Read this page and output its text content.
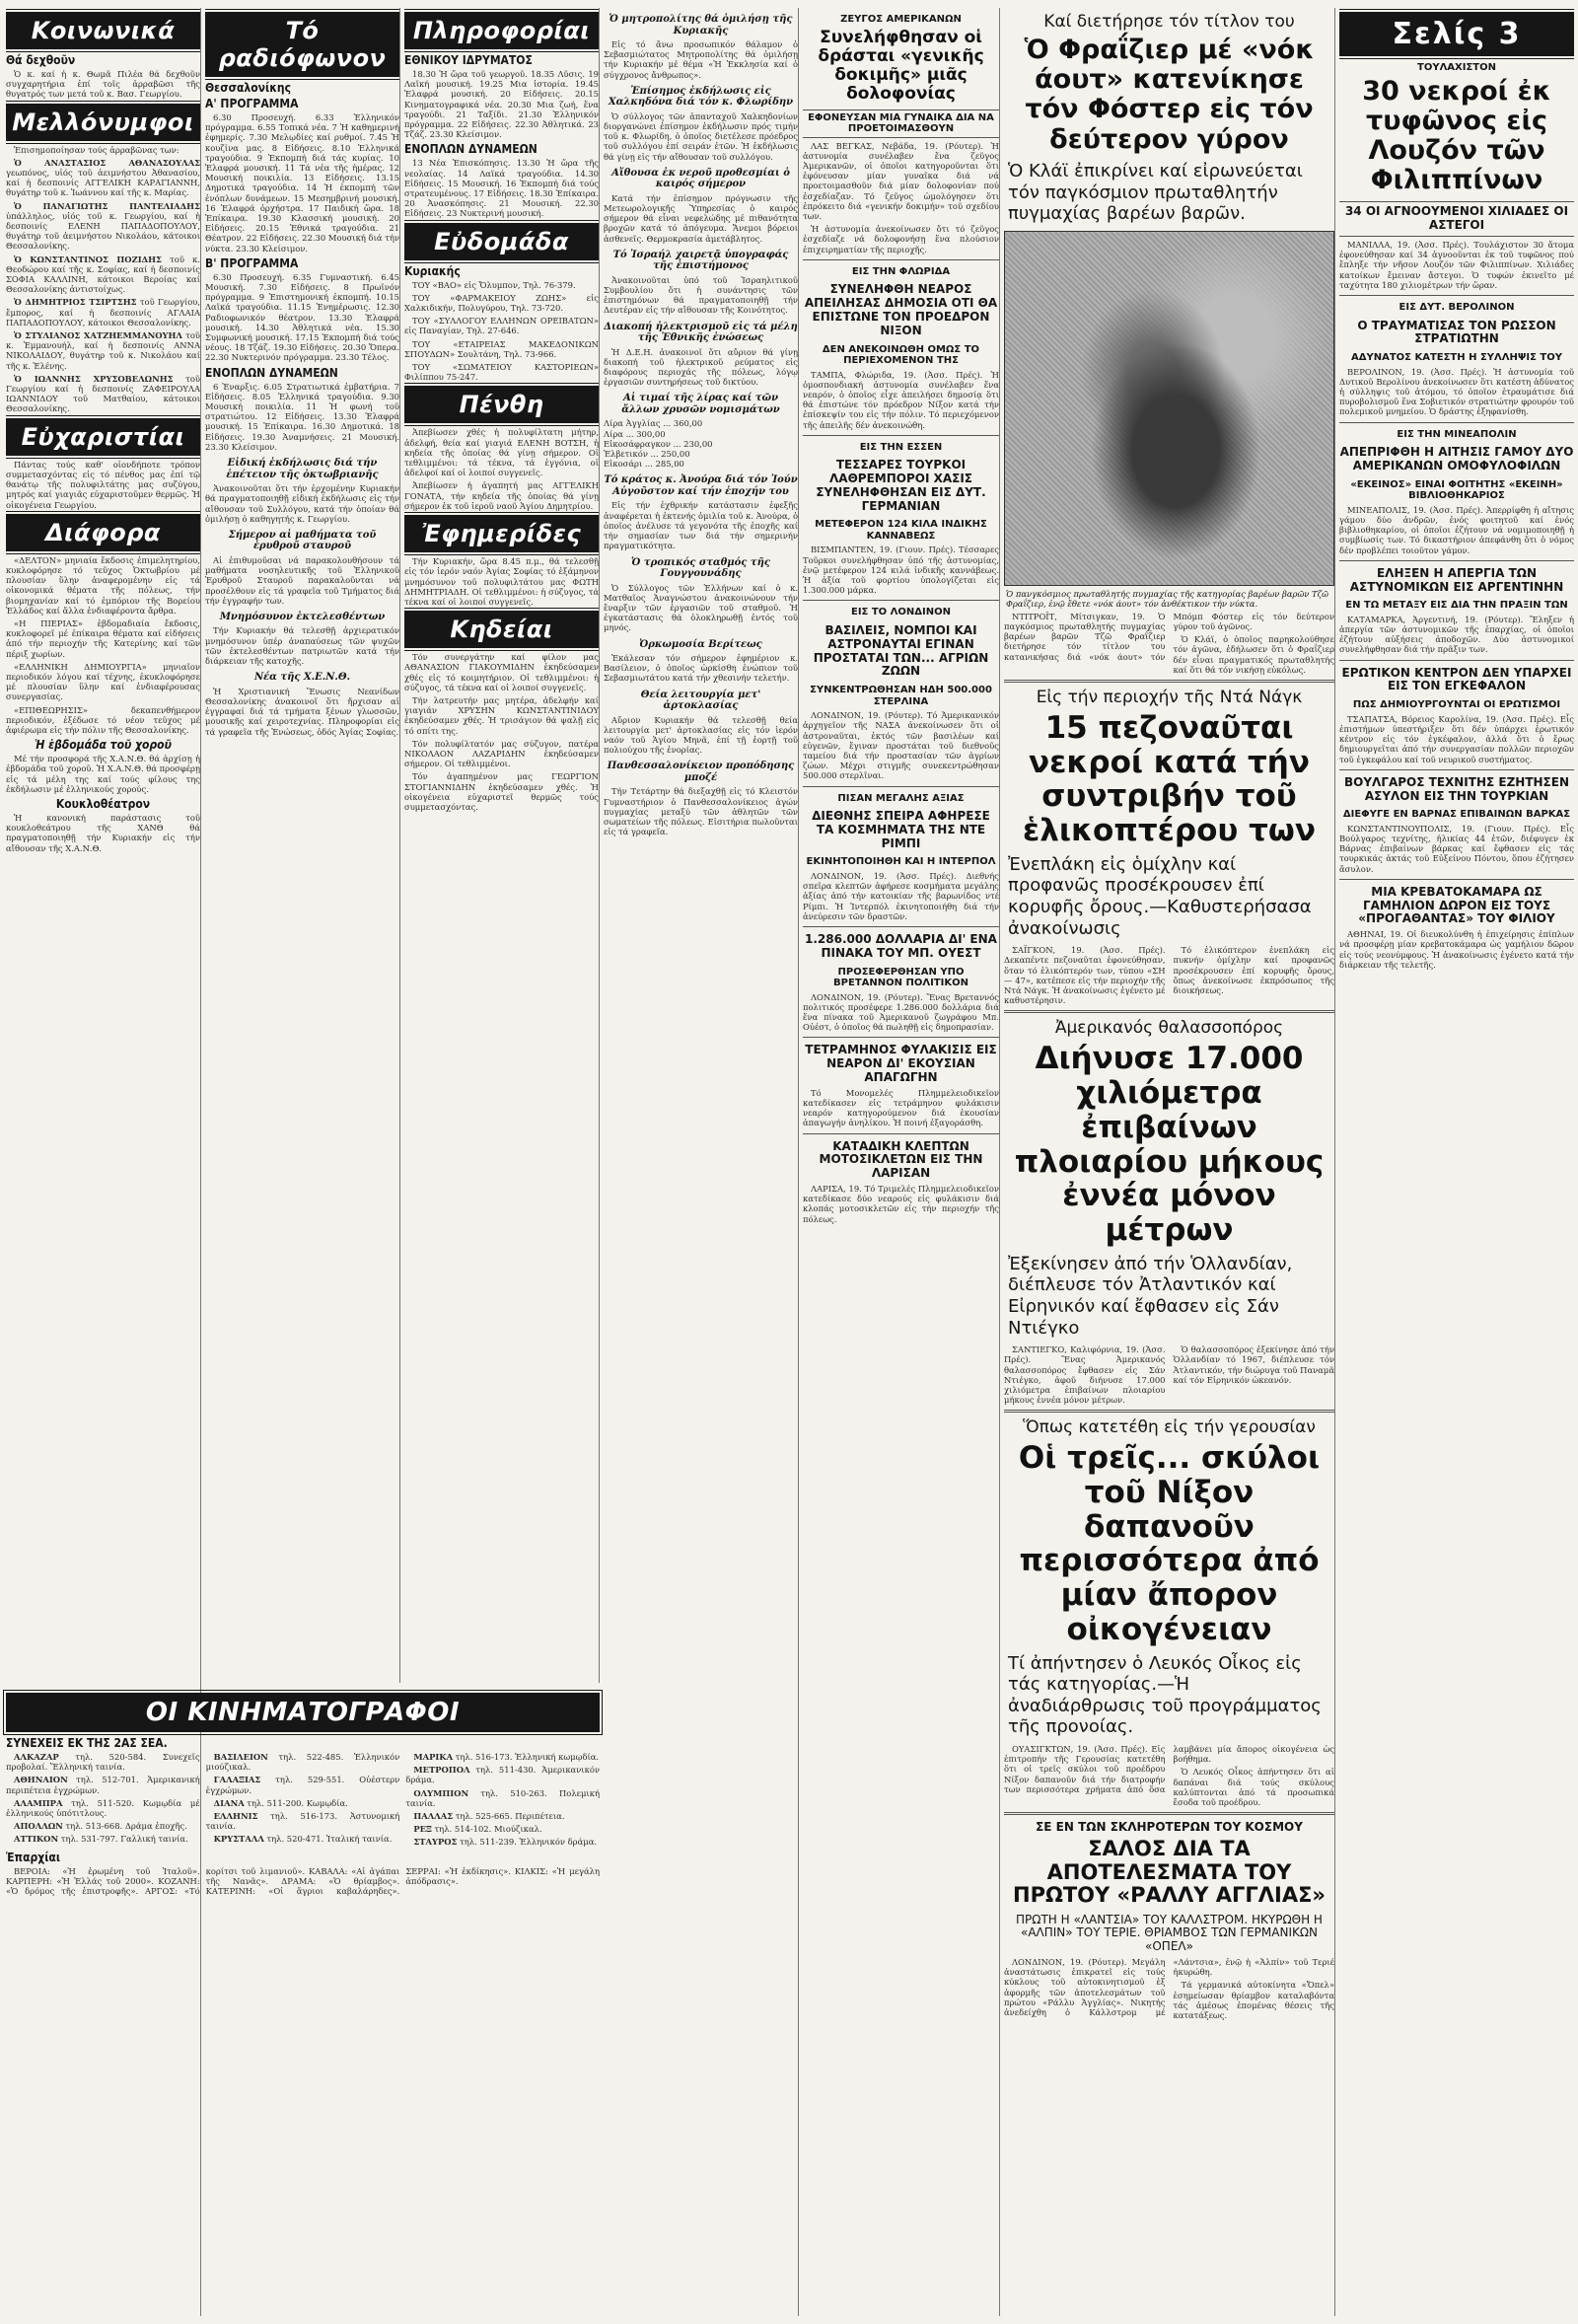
Κοινωνικά
Θά δεχθοῦν

Ὁ κ. καί ἡ κ. Θωμᾶ Πιλέα θά δεχθοῦν συγχαρητήρια ἐπί τοῖς ἀρραβῶσι τῆς θυγατρός των μετά τοῦ κ. Βασ. Γεωργίου.

Μελλόνυμφοι

Ἐπισημοποίησαν τούς ἀρραβῶνας των:

Ὁ ΑΝΑΣΤΑΣΙΟΣ ΑΘΑΝΑΣΟΥΛΑΣ γεωπόνος, υἱός τοῦ ἀειμνήστου Ἀθανασίου, καί ἡ δεσποινίς ΑΓΓΕΛΙΚΗ ΚΑΡΑΓΙΑΝΝΗ, θυγάτηρ τοῦ κ. Ἰωάννου καί τῆς κ. Μαρίας.

Ὁ ΠΑΝΑΓΙΩΤΗΣ ΠΑΝΤΕΛΙΑΔΗΣ ὑπάλληλος, υἱός τοῦ κ. Γεωργίου, καί ἡ δεσποινίς ΕΛΕΝΗ ΠΑΠΑΔΟΠΟΥΛΟΥ, θυγάτηρ τοῦ ἀειμνήστου Νικολάου, κάτοικοι Θεσσαλονίκης.

Ὁ ΚΩΝΣΤΑΝΤΙΝΟΣ ΠΟΖΙΔΗΣ τοῦ κ. Θεοδώρου καί τῆς κ. Σοφίας, καί ἡ δεσποινίς ΣΟΦΙΑ ΚΑΛΛΙΝΗ, κάτοικοι Βεροίας καί Θεσσαλονίκης ἀντιστοίχως.

Ὁ ΔΗΜΗΤΡΙΟΣ ΤΣΙΡΤΣΗΣ τοῦ Γεωργίου, ἔμπορος, καί ἡ δεσποινίς ΑΓΛΑΙΑ ΠΑΠΑΔΟΠΟΥΛΟΥ, κάτοικοι Θεσσαλονίκης.

Ὁ ΣΤΥΛΙΑΝΟΣ ΧΑΤΖΗΕΜΜΑΝΟΥΗΛ τοῦ κ. Ἐμμανουήλ, καί ἡ δεσποινίς ΑΝΝΑ ΝΙΚΟΛΑΙΔΟΥ, θυγάτηρ τοῦ κ. Νικολάου καί τῆς κ. Ἑλένης.

Ὁ ΙΩΑΝΝΗΣ ΧΡΥΣΟΒΕΛΩΝΗΣ τοῦ Γεωργίου καί ἡ δεσποινίς ΖΑΦΕΙΡΟΥΛΑ ΙΩΑΝΝΙΔΟΥ τοῦ Ματθαίου, κάτοικοι Θεσσαλονίκης.

Εὐχαριστίαι

Πάντας τούς καθ' οἱονδήποτε τρόπον συμμετασχόντας εἰς τό πένθος μας ἐπί τῷ θανάτῳ τῆς πολυφιλτάτης μας συζύγου, μητρός καί γιαγιᾶς εὐχαριστοῦμεν θερμῶς. Ἡ οἰκογένεια Γεωργίου.

Διάφορα

«ΔΕΛΤΟΝ» μηνιαία ἔκδοσις ἐπιμελητηρίου, κυκλοφόρησε τό τεῦχος Ὀκτωβρίου μέ πλουσίαν ὕλην ἀναφερομένην εἰς τά οἰκονομικά θέματα τῆς πόλεως, τήν βιομηχανίαν καί τό ἐμπόριον τῆς Βορείου Ἑλλάδος καί ἄλλα ἐνδιαφέροντα ἄρθρα.

«Η ΠΙΕΡΙΑΣ» ἑβδομαδιαία ἔκδοσις, κυκλοφορεῖ μέ ἐπίκαιρα θέματα καί εἰδήσεις ἀπό τήν περιοχήν τῆς Κατερίνης καί τῶν πέριξ χωρίων.

«ΕΛΛΗΝΙΚΗ ΔΗΜΙΟΥΡΓΙΑ» μηνιαῖον περιοδικόν λόγου καί τέχνης, ἐκυκλοφόρησε μέ πλουσίαν ὕλην καί ἐνδιαφέρουσας συνεργασίας.

«ΕΠΙΘΕΩΡΗΣΙΣ» δεκαπενθήμερον περιοδικόν, ἐξέδωσε τό νέον τεῦχος μέ ἀφιέρωμα εἰς τήν πόλιν τῆς Θεσσαλονίκης.

Ἡ ἑβδομάδα τοῦ χοροῦ

Μέ τήν προσφορά τῆς Χ.Α.Ν.Θ. θά ἀρχίσῃ ἡ ἑβδομάδα τοῦ χοροῦ. Ἡ Χ.Α.Ν.Θ. θά προσφέρῃ εἰς τά μέλη της καί τούς φίλους της ἐκδήλωσιν μέ ἑλληνικούς χορούς.

Κουκλοθέατρον

Ἡ κανονική παράστασις τοῦ κουκλοθεάτρου τῆς ΧΑΝΘ θά πραγματοποιηθῇ τήν Κυριακήν εἰς τήν αἴθουσαν τῆς Χ.Α.Ν.Θ.

Τό ραδιόφωνον
Θεσσαλονίκης
Α' ΠΡΟΓΡΑΜΜΑ

6.30 Προσευχή. 6.33 Ἑλληνικόν πρόγραμμα. 6.55 Τοπικά νέα. 7 Ἡ καθημερινή ἐφημερίς. 7.30 Μελῳδίες καί ρυθμοί. 7.45 Ἡ κουζίνα μας. 8 Εἰδήσεις. 8.10 Ἑλληνικά τραγούδια. 9 Ἐκπομπή διά τάς κυρίας. 10 Ἐλαφρά μουσική. 11 Τά νέα τῆς ἡμέρας. 12 Μουσική ποικιλία. 13 Εἰδήσεις. 13.15 Δημοτικά τραγούδια. 14 Ἡ ἐκπομπή τῶν ἐνόπλων δυνάμεων. 15 Μεσημβρινή μουσική. 16 Ἐλαφρά ὀρχήστρα. 17 Παιδική ὥρα. 18 Ἐπίκαιρα. 19.30 Κλασσική μουσική. 20 Εἰδήσεις. 20.15 Ἐθνικά τραγούδια. 21 Θέατρον. 22 Εἰδήσεις. 22.30 Μουσική διά τήν νύκτα. 23.30 Κλείσιμον.

Β' ΠΡΟΓΡΑΜΜΑ

6.30 Προσευχή. 6.35 Γυμναστική. 6.45 Μουσική. 7.30 Εἰδήσεις. 8 Πρωϊνόν πρόγραμμα. 9 Ἐπιστημονική ἐκπομπή. 10.15 Λαϊκά τραγούδια. 11.15 Ἐνημέρωσις. 12.30 Ραδιοφωνικόν θέατρον. 13.30 Ἑλαφρά μουσική. 14.30 Ἀθλητικά νέα. 15.30 Συμφωνική μουσική. 17.15 Ἐκπομπή διά τούς νέους. 18 Τζάζ. 19.30 Εἰδήσεις. 20.30 Ὄπερα. 22.30 Νυκτερινόν πρόγραμμα. 23.30 Τέλος.

ΕΝΟΠΛΩΝ ΔΥΝΑΜΕΩΝ

6 Ἐναρξις. 6.05 Στρατιωτικά ἐμβατήρια. 7 Εἰδήσεις. 8.05 Ἑλληνικά τραγούδια. 9.30 Μουσική ποικιλία. 11 Ἡ φωνή τοῦ στρατιώτου. 12 Εἰδήσεις. 13.30 Ἐλαφρά μουσική. 15 Ἐπίκαιρα. 16.30 Δημοτικά. 18 Εἰδήσεις. 19.30 Ἀναμνήσεις. 21 Μουσική. 23.30 Κλείσιμον.

Εἰδική ἐκδήλωσις διά τήν ἐπέτειον τῆς ὀκτωβριανῆς

Ἀνακοινοῦται ὅτι τήν ἐρχομένην Κυριακήν θά πραγματοποιηθῇ εἰδική ἐκδήλωσις εἰς τήν αἴθουσαν τοῦ Συλλόγου, κατά τήν ὁποίαν θά ὁμιλήσῃ ὁ καθηγητής κ. Γεωργίου.

Σήμερον αἱ μαθήματα τοῦ ἐρυθροῦ σταυροῦ

Αἱ ἐπιθυμοῦσαι νά παρακολουθήσουν τά μαθήματα νοσηλευτικῆς τοῦ Ἑλληνικοῦ Ἐρυθροῦ Σταυροῦ παρακαλοῦνται νά προσέλθουν εἰς τά γραφεῖα τοῦ Τμήματος διά τήν ἐγγραφήν των.

Μνημόσυνον ἐκτελεσθέντων

Τήν Κυριακήν θά τελεσθῇ ἀρχιερατικόν μνημόσυνον ὑπέρ ἀναπαύσεως τῶν ψυχῶν τῶν ἐκτελεσθέντων πατριωτῶν κατά τήν διάρκειαν τῆς κατοχῆς.

Νέα τῆς Χ.Ε.Ν.Θ.

Ἡ Χριστιανική Ἕνωσις Νεανίδων Θεσσαλονίκης ἀνακοινοῖ ὅτι ἤρχισαν αἱ ἐγγραφαί διά τά τμήματα ξένων γλωσσῶν, μουσικῆς καί χειροτεχνίας. Πληροφορίαι εἰς τά γραφεῖα τῆς Ἑνώσεως, ὁδός Ἀγίας Σοφίας.

Πληροφορίαι
ΕΘΝΙΚΟΥ ΙΔΡΥΜΑΤΟΣ

18.30 Ἡ ὥρα τοῦ γεωργοῦ. 18.35 Λῦσις. 19 Λαϊκή μουσική. 19.25 Μια ἱστορία. 19.45 Ἐλαφρά μουσική. 20 Εἰδήσεις. 20.15 Κινηματογραφικά νέα. 20.30 Μια ζωή, ἕνα τραγούδι. 21 Ταξίδι. 21.30 Ἑλληνικόν πρόγραμμα. 22 Εἰδήσεις. 22.30 Ἀθλητικά. 23 Τζάζ. 23.30 Κλείσιμον.

ΕΝΟΠΛΩΝ ΔΥΝΑΜΕΩΝ

13 Νέα Ἐπισκόπησις. 13.30 Ἡ ὥρα τῆς νεολαίας. 14 Λαϊκά τραγούδια. 14.30 Εἰδήσεις. 15 Μουσική. 16 Ἐκπομπή διά τούς στρατευμένους. 17 Εἰδήσεις. 18.30 Ἐπίκαιρα. 20 Ἀνασκόπησις. 21 Μουσική. 22.30 Εἰδήσεις. 23 Νυκτερινή μουσική.

Εὐδομάδα
Κυριακής

ΤΟΥ «ΒΑΟ» εἰς Ὄλυμπον, Τηλ. 76-379.

ΤΟΥ «ΦΑΡΜΑΚΕΙΟΥ ΖΩΗΣ» εἰς Χαλκιδικήν, Πολυγύρου, Τηλ. 73-720.

ΤΟΥ «ΣΥΛΛΟΓΟΥ ΕΛΛΗΝΩΝ ΟΡΕΙΒΑΤΩΝ» εἰς Παναγίαν, Τηλ. 27-646.

ΤΟΥ «ΕΤΑΙΡΕΙΑΣ ΜΑΚΕΔΟΝΙΚΩΝ ΣΠΟΥΔΩΝ» Σουλτάνη, Τηλ. 73-966.

ΤΟΥ «ΣΩΜΑΤΕΙΟΥ ΚΑΣΤΟΡΙΕΩΝ» Φιλίππου 75-247.

Πένθη

Ἀπεβίωσεν χθές ἡ πολυφίλτατη μήτηρ, ἀδελφή, θεία καί γιαγιά ΕΛΕΝΗ ΒΟΤΣΗ, ἡ κηδεία τῆς ὁποίας θά γίνῃ σήμερον. Οἱ τεθλιμμένοι: τά τέκνα, τά ἐγγόνια, οἱ ἀδελφοί καί οἱ λοιποί συγγενεῖς.

Ἀπεβίωσεν ἡ ἀγαπητή μας ΑΓΓΕΛΙΚΗ ΓΟΝΑΤΑ, τήν κηδεία τῆς ὁποίας θά γίνῃ σήμερον ἐκ τοῦ ἱεροῦ ναοῦ Ἁγίου Δημητρίου.

Ἐφημερίδες

Τήν Κυριακήν, ὥρα 8.45 π.μ., θά τελεσθῇ εἰς τόν ἱερόν ναόν Ἁγίας Σοφίας τό ἑξάμηνον μνημόσυνον τοῦ πολυφιλτάτου μας ΦΩΤΗ ΔΗΜΗΤΡΙΑΔΗ. Οἱ τεθλιμμένοι: ἡ σύζυγος, τά τέκνα καί οἱ λοιποί συγγενεῖς.

Κηδείαι

Τόν συνεργάτην καί φίλον μας ΑΘΑΝΑΣΙΟΝ ΓΙΑΚΟΥΜΙΔΗΝ ἐκηδεύσαμεν χθές εἰς τό κοιμητήριον. Οἱ τεθλιμμένοι: ἡ σύζυγος, τά τέκνα καί οἱ λοιποί συγγενεῖς.

Τήν λατρευτήν μας μητέρα, ἀδελφήν καί γιαγιάν ΧΡΥΣΗΝ ΚΩΝΣΤΑΝΤΙΝΙΔΟΥ ἐκηδεύσαμεν χθές. Ἡ τρισάγιον θά ψαλῇ εἰς τό σπίτι της.

Τόν πολυφίλτατόν μας σύζυγον, πατέρα ΝΙΚΟΛΑΟΝ ΛΑΖΑΡΙΔΗΝ ἐκηδεύσαμεν σήμερον. Οἱ τεθλιμμένοι.

Τόν ἀγαπημένον μας ΓΕΩΡΓΙΟΝ ΣΤΟΓΙΑΝΝΙΔΗΝ ἐκηδεύσαμεν χθές. Ἡ οἰκογένεια εὐχαριστεῖ θερμῶς τούς συμμετασχόντας.

Ὁ μητροπολίτης θά ὁμιλήσῃ τῆς Κυριακῆς

Εἰς τό ἄνω προσωπικόν θάλαμον ὁ Σεβασμιώτατος Μητροπολίτης θά ὁμιλήσῃ τήν Κυριακήν μέ θέμα «Ἡ Ἐκκλησία καί ὁ σύγχρονος ἄνθρωπος».

Ἐπίσημος ἐκδήλωσις εἰς Χαλκηδόνα διά τόν κ. Φλωρίδην

Ὁ σύλλογος τῶν ἀπανταχοῦ Χαλκηδονίων διοργανώνει ἐπίσημον ἐκδήλωσιν πρός τιμήν τοῦ κ. Φλωρίδη, ὁ ὁποῖος διετέλεσε πρόεδρος τοῦ συλλόγου ἐπί σειράν ἐτῶν. Ἡ ἐκδήλωσις θά γίνῃ εἰς τήν αἴθουσαν τοῦ συλλόγου.

Αἴθουσα ἐκ νεροῦ προθεσμίαι ὁ καιρός σήμερον

Κατά τήν ἐπίσημον πρόγνωσιν τῆς Μετεωρολογικῆς Ὑπηρεσίας ὁ καιρός σήμερον θά εἶναι νεφελώδης μέ πιθανότητα βροχῶν κατά τό ἀπόγευμα. Ἄνεμοι βόρειοι ἀσθενεῖς. Θερμοκρασία ἀμετάβλητος.

Τό Ἰσραήλ χαιρετᾷ ὑπογραφάς τῆς ἐπιστήμονος

Ἀνακοινοῦται ὑπό τοῦ Ἰσραηλιτικοῦ Συμβουλίου ὅτι ἡ συνάντησις τῶν ἐπιστημόνων θά πραγματοποιηθῇ τήν Δευτέραν εἰς τήν αἴθουσαν τῆς Κοινότητος.

Διακοπή ἡλεκτρισμοῦ εἰς τά μέλη τῆς Ἐθνικῆς ἑνώσεως

Ἡ Δ.Ε.Η. ἀνακοινοῖ ὅτι αὔριον θά γίνῃ διακοπή τοῦ ἠλεκτρικοῦ ρεύματος εἰς διαφόρους περιοχάς τῆς πόλεως, λόγῳ ἐργασιῶν συντηρήσεως τοῦ δικτύου.

Αἱ τιμαί τῆς λίρας καί τῶν ἄλλων χρυσῶν νομισμάτων
Λίρα Ἀγγλίας ... 360,00
Λίρα ... 300,00
Εἰκοσάφραγκον ... 230,00
Ἐλβετικόν ... 250,00
Εἰκοσάρι ... 285,00
Τό κράτος κ. Ἀνούρα διά τόν Ἰούν Αὐγοῦστον καί τήν ἐποχήν του

Εἰς τήν ἐχθρικήν κατάστασιν ἐφεξῆς ἀναφέρεται ἡ ἐκτενής ὁμιλία τοῦ κ. Ἀνούρα, ὁ ὁποῖος ἀνέλυσε τά γεγονότα τῆς ἐποχῆς καί τήν σημασίαν των διά τήν σημερινήν πραγματικότητα.

Ὁ τροπικός σταθμός τῆς Γουγγουνάδης

Ὁ Σύλλογος τῶν Ἑλλήνων καί ὁ κ. Ματθαῖος Ἀναγνώστου ἀνακοινώνουν τήν ἔναρξιν τῶν ἐργασιῶν τοῦ σταθμοῦ. Ἡ ἐγκατάστασις θά ὁλοκληρωθῇ ἐντός τοῦ μηνός.

Ὀρκωμοσία Βερίτεως

Ἐκάλεσαν τόν σήμερον ἐφημέριον κ. Βασίλειον, ὁ ὁποῖος ὡρκίσθη ἐνώπιον τοῦ Σεβασμιωτάτου κατά τήν χθεσινήν τελετήν.

Θεία λειτουργία μετ' ἀρτοκλασίας

Αὔριον Κυριακήν θά τελεσθῇ θεία λειτουργία μετ' ἀρτοκλασίας εἰς τόν ἱερόν ναόν τοῦ Ἁγίου Μηνᾶ, ἐπί τῇ ἑορτῇ τοῦ πολιούχου τῆς ἐνορίας.

Πανθεσσαλονίκειον προπόδησης μποζέ

Τήν Τετάρτην θά διεξαχθῇ εἰς τό Κλειστόν Γυμναστήριον ὁ Πανθεσσαλονίκειος ἀγών πυγμαχίας μεταξύ τῶν ἀθλητῶν τῶν σωματείων τῆς πόλεως. Εἰσιτήρια πωλοῦνται εἰς τά γραφεῖα.

ΖΕΥΓΟΣ ΑΜΕΡΙΚΑΝΩΝ
Συνελήφθησαν οἱ δράσται «γενικῆς δοκιμῆς» μιᾶς δολοφονίας
ΕΦΟΝΕΥΣΑΝ ΜΙΑ ΓΥΝΑΙΚΑ ΔΙΑ ΝΑ ΠΡΟΕΤΟΙΜΑΣΘΟΥΝ

ΛΑΣ ΒΕΓΚΑΣ, Νεβάδα, 19. (Ρόυτερ). Ἡ ἀστυνομία συνέλαβεν ἕνα ζεῦγος Ἀμερικανῶν, οἱ ὁποῖοι κατηγοροῦνται ὅτι ἐφόνευσαν μίαν γυναῖκα διά νά προετοιμασθοῦν διά μίαν δολοφονίαν πού ἐσχεδίαζαν. Τό ζεῦγος ὡμολόγησεν ὅτι ἐπρόκειτο διά «γενικήν δοκιμήν» τοῦ σχεδίου των.

Ἡ ἀστυνομία ἀνεκοίνωσεν ὅτι τό ζεῦγος ἐσχεδίαζε νά δολοφονήσῃ ἕνα πλούσιον ἐπιχειρηματίαν τῆς περιοχῆς.

ΕΙΣ ΤΗΝ ΦΛΩΡΙΔΑ
ΣΥΝΕΛΗΦΘΗ ΝΕΑΡΟΣ ΑΠΕΙΛΗΣΑΣ ΔΗΜΟΣΙΑ ΟΤΙ ΘΑ ΕΠΙΣΤΩΝΕ ΤΟΝ ΠΡΟΕΔΡΟΝ ΝΙΞΟΝ
ΔΕΝ ΑΝΕΚΟΙΝΩΘΗ ΟΜΩΣ ΤΟ ΠΕΡΙΕΧΟΜΕΝΟΝ ΤΗΣ

ΤΑΜΠΑ, Φλώριδα, 19. (Ἀσσ. Πρές). Ἡ ὁμοσπονδιακή ἀστυνομία συνέλαβεν ἕνα νεαρόν, ὁ ὁποῖος εἶχε ἀπειλήσει δημοσίᾳ ὅτι θά ἐπιστώνε τόν πρόεδρον Νίξον κατά τήν ἐπίσκεψίν του εἰς τήν πόλιν. Τό περιεχόμενον τῆς ἀπειλῆς δέν ἀνεκοινώθη.

ΕΙΣ ΤΗΝ ΕΣΣΕΝ
ΤΕΣΣΑΡΕΣ ΤΟΥΡΚΟΙ ΛΑΘΡΕΜΠΟΡΟΙ ΧΑΣΙΣ ΣΥΝΕΛΗΦΘΗΣΑΝ ΕΙΣ ΔΥΤ. ΓΕΡΜΑΝΙΑΝ
ΜΕΤΕΦΕΡΟΝ 124 ΚΙΛΑ ΙΝΔΙΚΗΣ ΚΑΝΝΑΒΕΩΣ

ΒΙΣΜΠΑΝΤΕΝ, 19. (Γιουν. Πρές). Τέσσαρες Τοῦρκοι συνελήφθησαν ὑπό τῆς ἀστυνομίας, ἐνῷ μετέφερον 124 κιλά ἰνδικῆς καννάβεως. Ἡ ἀξία τοῦ φορτίου ὑπολογίζεται εἰς 1.300.000 μάρκα.

ΕΙΣ ΤΟ ΛΟΝΔΙΝΟΝ
ΒΑΣΙΛΕΙΣ, ΝΟΜΠΟΙ ΚΑΙ ΑΣΤΡΟΝΑΥΤΑΙ ΕΓΙΝΑΝ ΠΡΟΣΤΑΤΑΙ ΤΩΝ... ΑΓΡΙΩΝ ΖΩΩΝ
ΣΥΝΚΕΝΤΡΩΘΗΣΑΝ ΗΔΗ 500.000 ΣΤΕΡΛΙΝΑ

ΛΟΝΔΙΝΟΝ, 19. (Ρόυτερ). Τό Ἀμερικανικόν ἀρχηγεῖον τῆς ΝΑΣΑ ἀνεκοίνωσεν ὅτι οἱ ἀστροναῦται, ἐκτός τῶν βασιλέων καί εὐγενῶν, ἔγιναν προστάται τοῦ διεθνοῦς ταμείου διά τήν προστασίαν τῶν ἀγρίων ζώων. Μέχρι στιγμῆς συνεκεντρώθησαν 500.000 στερλῖναι.

ΠΙΣΑΝ ΜΕΓΑΛΗΣ ΑΞΙΑΣ
ΔΙΕΘΝΗΣ ΣΠΕΙΡΑ ΑΦΗΡΕΣΕ ΤΑ ΚΟΣΜΗΜΑΤΑ ΤΗΣ ΝΤΕ ΡΙΜΠΙ
ΕΚΙΝΗΤΟΠΟΙΗΘΗ ΚΑΙ Η ΙΝΤΕΡΠΟΛ

ΛΟΝΔΙΝΟΝ, 19. (Ἀσσ. Πρές). Διεθνής σπεῖρα κλεπτῶν ἀφήρεσε κοσμήματα μεγάλης ἀξίας ἀπό τήν κατοικίαν τῆς βαρωνίδος ντέ Ρίμπι. Ἡ Ἰντερπόλ ἐκινητοποιήθη διά τήν ἀνεύρεσιν τῶν δραστῶν.

1.286.000 ΔΟΛΛΑΡΙΑ ΔΙ' ΕΝΑ ΠΙΝΑΚΑ ΤΟΥ ΜΠ. ΟΥΕΣΤ
ΠΡΟΣΕΦΕΡΘΗΣΑΝ ΥΠΟ ΒΡΕΤΑΝΝΟΝ ΠΟΛΙΤΙΚΟΝ

ΛΟΝΔΙΝΟΝ, 19. (Ρόυτερ). Ἕνας Βρεταννός πολιτικός προσέφερε 1.286.000 δολλάρια διά ἕνα πίνακα τοῦ Ἀμερικανοῦ ζωγράφου Μπ. Οὐέστ, ὁ ὁποῖος θά πωληθῇ εἰς δημοπρασίαν.

ΤΕΤΡΑΜΗΝΟΣ ΦΥΛΑΚΙΣΙΣ ΕΙΣ ΝΕΑΡΟΝ ΔΙ' ΕΚΟΥΣΙΑΝ ΑΠΑΓΩΓΗΝ

Τό Μονομελές Πλημμελειοδικεῖον κατεδίκασεν εἰς τετράμηνον φυλάκισιν νεαρόν κατηγορούμενον διά ἑκουσίαν ἀπαγωγήν ἀνηλίκου. Ἡ ποινή ἐξαγοράσθη.

ΚΑΤΑΔΙΚΗ ΚΛΕΠΤΩΝ ΜΟΤΟΣΙΚΛΕΤΩΝ ΕΙΣ ΤΗΝ ΛΑΡΙΣΑΝ

ΛΑΡΙΣΑ, 19. Τό Τριμελές Πλημμελειοδικεῖον κατεδίκασε δύο νεαρούς εἰς φυλάκισιν διά κλοπάς μοτοσικλετῶν εἰς τήν περιοχήν τῆς πόλεως.

Καί διετήρησε τόν τίτλον του
Ὁ Φραΐζιερ μέ «νόκ άουτ» κατενίκησε τόν Φόστερ εἰς τόν δεύτερον γύρον
Ὁ Κλάϊ ἐπικρίνει καί εἰρωνεύεται τόν παγκόσμιον πρωταθλητήν πυγμαχίας βαρέων βαρῶν.
Ὁ πανγκόσμιος πρωταθλητής πυγμαχίας τῆς κατηγορίας βαρέων βαρῶν Τζῶ Φραΐζιερ, ἐνῷ ἔθετε «νόκ άουτ» τόν ἀνθέκτικον τήν νύκτα.

ΝΤΙΤΡΟΪΤ, Μίτσιγκαν, 19. Ὁ παγκόσμιος πρωταθλητής πυγμαχίας βαρέων βαρῶν Τζῶ Φραΐζιερ διετήρησε τόν τίτλον του κατανικήσας διά «νόκ άουτ» τόν Μπόμπ Φόστερ εἰς τόν δεύτερον γύρον τοῦ ἀγῶνος.

Ὁ Κλάϊ, ὁ ὁποῖος παρηκολούθησε τόν ἀγῶνα, ἐδήλωσεν ὅτι ὁ Φραΐζιερ δέν εἶναι πραγματικός πρωταθλητής καί ὅτι θά τόν νικήσῃ εὐκόλως.

Εἰς τήν περιοχήν τῆς Ντά Νάγκ
15 πεζοναῦται νεκροί κατά τήν συντριβήν τοῦ ἑλικοπτέρου των
Ἐνεπλάκη εἰς ὁμίχλην καί προφανῶς προσέκρουσεν ἐπί κορυφῆς ὄρους.—Καθυστερήσασα ἀνακοίνωσις

ΣΑΪΓΚΟΝ, 19. (Ἀσσ. Πρές). Δεκαπέντε πεζοναῦται ἐφονεύθησαν, ὅταν τό ἑλικόπτερόν των, τύπου «ΣΗ — 47», κατέπεσε εἰς τήν περιοχήν τῆς Ντά Νάγκ. Ἡ ἀνακοίνωσις ἐγένετο μέ καθυστέρησιν.

Τό ἑλικόπτερον ἐνεπλάκη εἰς πυκνήν ὁμίχλην καί προφανῶς προσέκρουσεν ἐπί κορυφῆς ὄρους, ὅπως ἀνεκοίνωσε ἐκπρόσωπος τῆς διοικήσεως.

Ἀμερικανός θαλασσοπόρος
Διήνυσε 17.000 χιλιόμετρα ἐπιβαίνων πλοιαρίου μήκους ἐννέα μόνον μέτρων
Ἐξεκίνησεν ἀπό τήν Ὁλλανδίαν, διέπλευσε τόν Ἀτλαντικόν καί Εἰρηνικόν καί ἔφθασεν εἰς Σάν Ντιέγκο

ΣΑΝΤΙΕΓΚΟ, Καλιφόρνια, 19. (Ἀσσ. Πρές). Ἕνας Ἀμερικανός θαλασσοπόρος ἔφθασεν εἰς Σάν Ντιέγκο, ἀφοῦ διήνυσε 17.000 χιλιόμετρα ἐπιβαίνων πλοιαρίου μήκους ἐννέα μόνον μέτρων.

Ὁ θαλασσοπόρος ἐξεκίνησε ἀπό τήν Ὁλλανδίαν τό 1967, διέπλευσε τόν Ἀτλαντικόν, τήν διώρυγα τοῦ Παναμᾶ καί τόν Εἰρηνικόν ὠκεανόν.

Ὅπως κατετέθη εἰς τήν γερουσίαν
Οἱ τρεῖς... σκύλοι τοῦ Νίξον δαπανοῦν περισσότερα ἀπό μίαν ἄπορον οἰκογένειαν
Τί ἀπήντησεν ὁ Λευκός Οἶκος εἰς τάς κατηγορίας.—Ἡ ἀναδιάρθρωσις τοῦ προγράμματος τῆς προνοίας.

ΟΥΑΣΙΓΚΤΩΝ, 19. (Ἀσσ. Πρές). Εἰς ἐπιτροπήν τῆς Γερουσίας κατετέθη ὅτι οἱ τρεῖς σκύλοι τοῦ προέδρου Νίξον δαπανοῦν διά τήν διατροφήν των περισσότερα χρήματα ἀπό ὅσα λαμβάνει μία ἄπορος οἰκογένεια ὡς βοήθημα.

Ὁ Λευκός Οἶκος ἀπήντησεν ὅτι αἱ δαπάναι διά τούς σκύλους καλύπτονται ἀπό τά προσωπικά ἔσοδα τοῦ προέδρου.

ΣΕ ΕΝ ΤΩΝ ΣΚΛΗΡΟΤΕΡΩΝ ΤΟΥ ΚΟΣΜΟΥ
ΣΑΛΟΣ ΔΙΑ ΤΑ ΑΠΟΤΕΛΕΣΜΑΤΑ ΤΟΥ ΠΡΩΤΟΥ «ΡΑΛΛΥ ΑΓΓΛΙΑΣ»
ΠΡΩΤΗ Η «ΛΑΝΤΣΙΑ» ΤΟΥ ΚΑΛΛΣΤΡΟΜ. ΗΚΥΡΩΘΗ Η «ΑΛΠΙΝ» ΤΟΥ ΤΕΡΙΕ. ΘΡΙΑΜΒΟΣ ΤΩΝ ΓΕΡΜΑΝΙΚΩΝ «ΟΠΕΛ»

ΛΟΝΔΙΝΟΝ, 19. (Ρόυτερ). Μεγάλη ἀναστάτωσις ἐπικρατεῖ εἰς τούς κύκλους τοῦ αὐτοκινητισμοῦ ἐξ ἀφορμῆς τῶν ἀποτελεσμάτων τοῦ πρώτου «Ράλλυ Ἀγγλίας». Νικητής ἀνεδείχθη ὁ Κάλλστρομ μέ «Λάντσια», ἐνῷ ἡ «Ἀλπίν» τοῦ Τεριέ ἠκυρώθη.

Τά γερμανικά αὐτοκίνητα «Ὄπελ» ἐσημείωσαν θρίαμβον καταλαβόντα τάς ἀμέσως ἑπομένας θέσεις τῆς κατατάξεως.

Σελίς 3
ΤΟΥΛΑΧΙΣΤΟΝ
30 νεκροί ἐκ τυφῶνος εἰς Λουζόν τῶν Φιλιππίνων
34 ΟΙ ΑΓΝΟΟΥΜΕΝΟΙ ΧΙΛΙΑΔΕΣ ΟΙ ΑΣΤΕΓΟΙ

ΜΑΝΙΛΛΑ, 19. (Ἀσσ. Πρές). Τουλάχιστον 30 ἄτομα ἐφονεύθησαν καί 34 ἀγνοοῦνται ἐκ τοῦ τυφῶνος πού ἔπληξε τήν νῆσον Λουζόν τῶν Φιλιππίνων. Χιλιάδες κατοίκων ἔμειναν ἄστεγοι. Ὁ τυφών ἐκινεῖτο μέ ταχύτητα 180 χιλιομέτρων τήν ὥραν.

ΕΙΣ ΔΥΤ. ΒΕΡΟΛΙΝΟΝ
Ο ΤΡΑΥΜΑΤΙΣΑΣ ΤΟΝ ΡΩΣΣΟΝ ΣΤΡΑΤΙΩΤΗΝ
ΑΔΥΝΑΤΟΣ ΚΑΤΕΣΤΗ Η ΣΥΛΛΗΨΙΣ ΤΟΥ

ΒΕΡΟΛΙΝΟΝ, 19. (Ἀσσ. Πρές). Ἡ ἀστυνομία τοῦ Δυτικοῦ Βερολίνου ἀνεκοίνωσεν ὅτι κατέστη ἀδύνατος ἡ σύλληψις τοῦ ἀτόμου, τό ὁποῖον ἐτραυμάτισε διά πυροβολισμοῦ ἕνα Σοβιετικόν στρατιώτην φρουρόν τοῦ πολεμικοῦ μνημείου. Ὁ δράστης ἐξηφανίσθη.

ΕΙΣ ΤΗΝ ΜΙΝΕΑΠΟΛΙΝ
ΑΠΕΠΡΙΦΘΗ Η ΑΙΤΗΣΙΣ ΓΑΜΟΥ ΔΥΟ ΑΜΕΡΙΚΑΝΩΝ ΟΜΟΦΥΛΟΦΙΛΩΝ
«ΕΚΕΙΝΟΣ» ΕΙΝΑΙ ΦΟΙΤΗΤΗΣ «ΕΚΕΙΝΗ» ΒΙΒΛΙΟΘΗΚΑΡΙΟΣ

ΜΙΝΕΑΠΟΛΙΣ, 19. (Ἀσσ. Πρές). Ἀπερρίφθη ἡ αἴτησις γάμου δύο ἀνδρῶν, ἑνός φοιτητοῦ καί ἑνός βιβλιοθηκαρίου, οἱ ὁποῖοι ἐζήτουν νά νομιμοποιηθῇ ἡ συμβίωσίς των. Τό δικαστήριον ἀπεφάνθη ὅτι ὁ νόμος δέν προβλέπει τοιοῦτον γάμον.

ΕΛΗΞΕΝ Η ΑΠΕΡΓΙΑ ΤΩΝ ΑΣΤΥΝΟΜΙΚΩΝ ΕΙΣ ΑΡΓΕΝΤΙΝΗΝ
ΕΝ ΤΩ ΜΕΤΑΞΥ ΕΙΣ ΔΙΑ ΤΗΝ ΠΡΑΞΙΝ ΤΩΝ

ΚΑΤΑΜΑΡΚΑ, Ἀργεντινή, 19. (Ρόυτερ). Ἔληξεν ἡ ἀπεργία τῶν ἀστυνομικῶν τῆς ἐπαρχίας, οἱ ὁποῖοι ἐζήτουν αὐξήσεις ἀποδοχῶν. Δύο ἀστυνομικοί συνελήφθησαν διά τήν πρᾶξιν των.

ΕΡΩΤΙΚΟΝ ΚΕΝΤΡΟΝ ΔΕΝ ΥΠΑΡΧΕΙ ΕΙΣ ΤΟΝ ΕΓΚΕΦΑΛΟΝ
ΠΩΣ ΔΗΜΙΟΥΡΓΟΥΝΤΑΙ ΟΙ ΕΡΩΤΙΣΜΟΙ

ΤΣΑΠΑΤΣΑ, Βόρειος Καρολίνα, 19. (Ἀσσ. Πρές). Εἷς ἐπιστήμων ὑπεστήριξεν ὅτι δέν ὑπάρχει ἐρωτικόν κέντρον εἰς τόν ἐγκέφαλον, ἀλλά ὅτι ὁ ἔρως δημιουργεῖται ἀπό τήν συνεργασίαν πολλῶν περιοχῶν τοῦ ἐγκεφάλου καί τοῦ νευρικοῦ συστήματος.

ΒΟΥΛΓΑΡΟΣ ΤΕΧΝΙΤΗΣ ΕΖΗΤΗΣΕΝ ΑΣΥΛΟΝ ΕΙΣ ΤΗΝ ΤΟΥΡΚΙΑΝ
ΔΙΕΦΥΓΕ ΕΝ ΒΑΡΝΑΣ ΕΠΙΒΑΙΝΩΝ ΒΑΡΚΑΣ

ΚΩΝΣΤΑΝΤΙΝΟΥΠΟΛΙΣ, 19. (Γιουν. Πρές). Εἷς Βούλγαρος τεχνίτης, ἡλικίας 44 ἐτῶν, διέφυγεν ἐκ Βάρνας ἐπιβαίνων βάρκας καί ἔφθασεν εἰς τάς τουρκικάς ἀκτάς τοῦ Εὐξείνου Πόντου, ὅπου ἐζήτησεν ἄσυλον.

ΜΙΑ ΚΡΕΒΑΤΟΚΑΜΑΡΑ ΩΣ ΓΑΜΗΛΙΟΝ ΔΩΡΟΝ ΕΙΣ ΤΟΥΣ «ΠΡΟΓΑΘΑΝΤΑΣ» ΤΟΥ ΦΙΛΙΟΥ

ΑΘΗΝΑΙ, 19. Οἱ διευκολύνθη ἡ ἐπιχείρησις ἐπίπλων νά προσφέρῃ μίαν κρεβατοκάμαρα ὡς γαμήλιον δῶρον εἰς τούς νεονύμφους. Ἡ ἀνακοίνωσις ἐγένετο κατά τήν διάρκειαν τῆς τελετῆς.

ΟΙ ΚΙΝΗΜΑΤΟΓΡΑΦΟΙ
ΣΥΝΕΧΕΙΣ ΕΚ ΤΗΣ 2ΑΣ ΣΕΑ.

ΑΛΚΑΖΑΡ τηλ. 520-584. Συνεχεῖς προβολαί. Ἕλληνική ταινία.

ΑΘΗΝΑΙΟΝ τηλ. 512-701. Ἀμερικανική περιπέτεια ἐγχρώμων.

ΑΛΑΜΠΡΑ τηλ. 511-520. Κωμῳδία μέ ἑλληνικούς ὑπότιτλους.

ΑΠΟΛΛΩΝ τηλ. 513-668. Δράμα ἐποχῆς.

ΑΤΤΙΚΟΝ τηλ. 531-797. Γαλλική ταινία.

ΒΑΣΙΛΕΙΟΝ τηλ. 522-485. Ἑλληνικόν μιούζικαλ.

ΓΑΛΑΞΙΑΣ τηλ. 529-551. Οὐέστερν ἐγχρώμων.

ΔΙΑΝΑ τηλ. 511-200. Κωμῳδία.

ΕΛΛΗΝΙΣ τηλ. 516-173. Ἀστυνομική ταινία.

ΚΡΥΣΤΑΛΛ τηλ. 520-471. Ἰταλική ταινία.

ΜΑΡΙΚΑ τηλ. 516-173. Ἑλληνική κωμῳδία.

ΜΕΤΡΟΠΟΛ τηλ. 511-430. Ἀμερικανικόν δράμα.

ΟΛΥΜΠΙΟΝ τηλ. 510-263. Πολεμική ταινία.

ΠΑΛΛΑΣ τηλ. 525-665. Περιπέτεια.

ΡΕΞ τηλ. 514-102. Μιούζικαλ.

ΣΤΑΥΡΟΣ τηλ. 511-239. Ἑλληνικόν δράμα.

Ἐπαρχίαι

ΒΕΡΟΙΑ: «Ἡ ἐρωμένη τοῦ Ἰταλοῦ». ΚΑΡΠΕΡΗ: «Ἡ Ἑλλάς τοῦ 2000». ΚΟΖΑΝΗ: «Ὁ δρόμος τῆς ἐπιστροφῆς». ΑΡΓΟΣ: «Τό κορίτσι τοῦ λιμανιοῦ». ΚΑΒΑΛΑ: «Αἱ ἀγάπαι τῆς Νανᾶς». ΔΡΑΜΑ: «Ὁ θρίαμβος». ΚΑΤΕΡΙΝΗ: «Οἱ ἄγριοι καβαλάρηδες». ΣΕΡΡΑΙ: «Ἡ ἐκδίκησις». ΚΙΛΚΙΣ: «Ἡ μεγάλη ἀπόδρασις».
